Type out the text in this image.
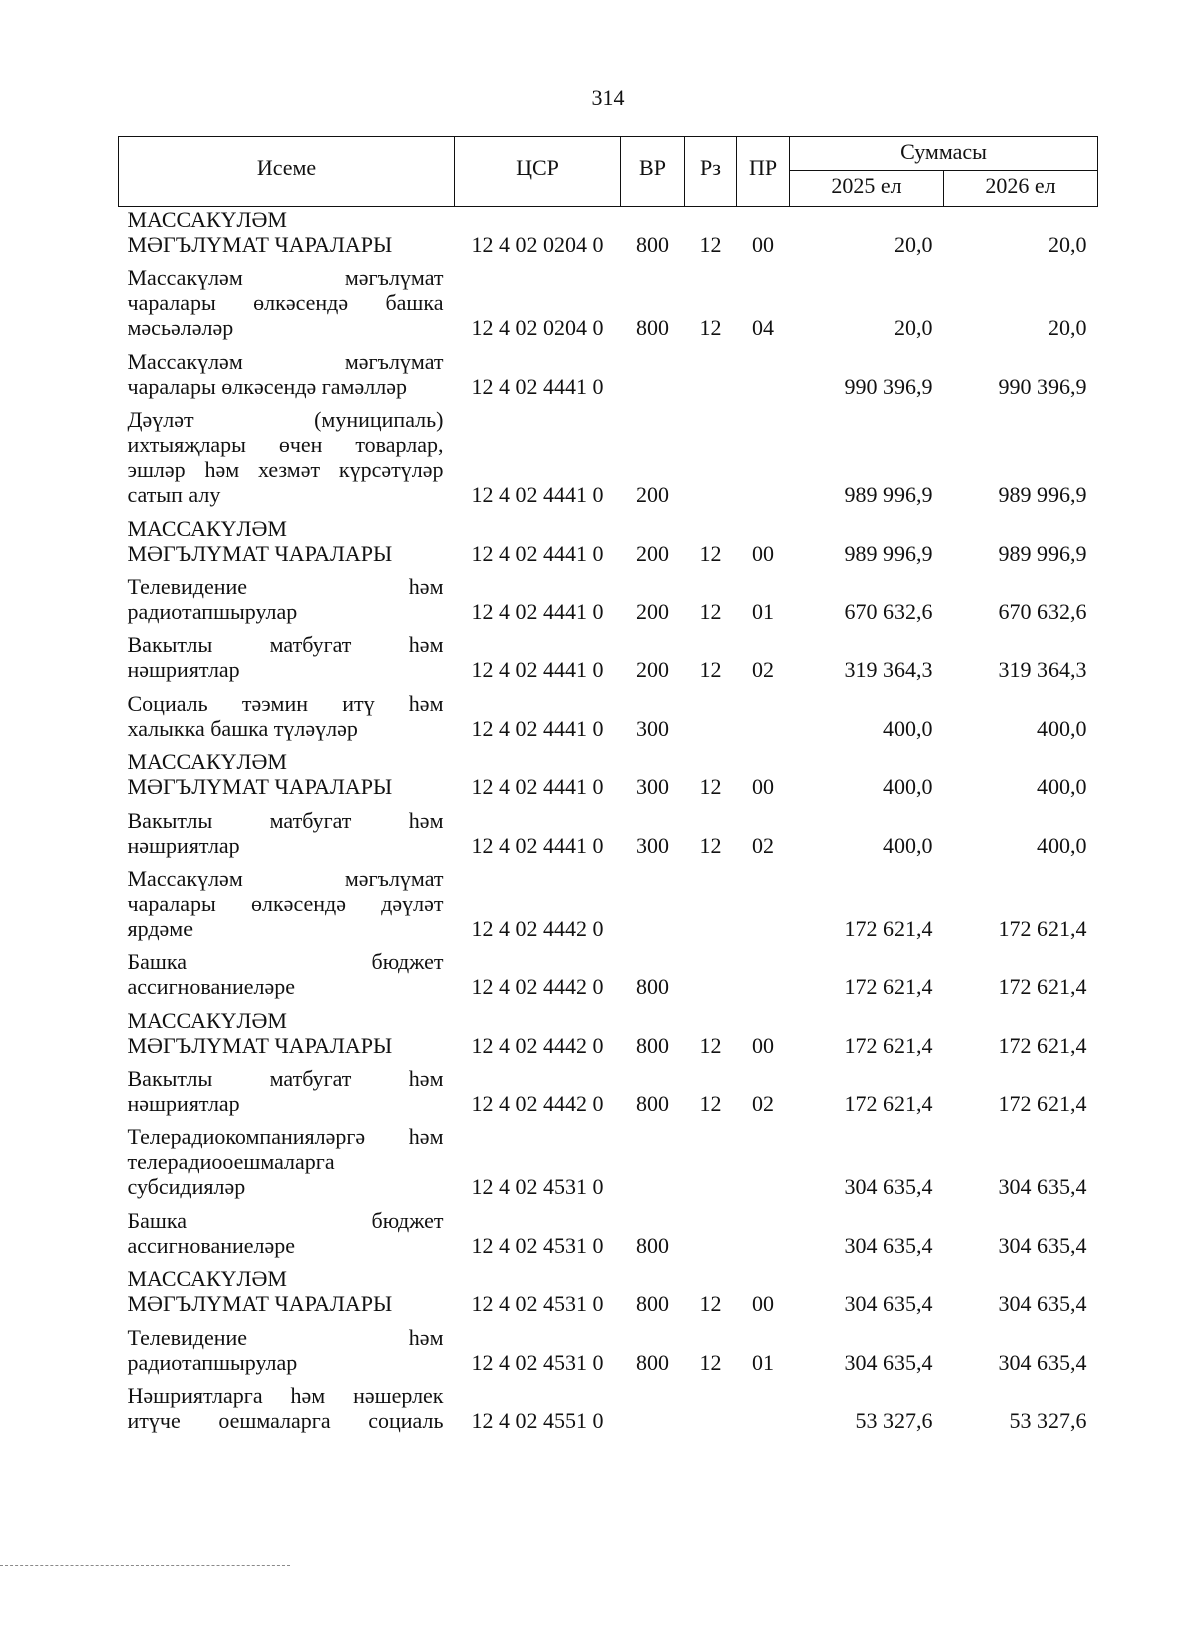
314
Исеме	ЦСР	ВР	Рз	ПР	Суммасы	
					2025 ел	2026 ел

МАССАКҮЛӘМ
МӘГЪЛҮМАТ ЧАРАЛАРЫ	12 4 02 0204 0	800	12	00	20,0	20,0

Массакүләм мәгълүмат
чаралары өлкәсендә башка
мәсьәләләр	12 4 02 0204 0	800	12	04	20,0	20,0

Массакүләм мәгълүмат
чаралары өлкәсендә гамәлләр	12 4 02 4441 0				990 396,9	990 396,9

Дәүләт (муниципаль)
ихтыяҗлары өчен товарлар,
эшләр һәм хезмәт күрсәтүләр
сатып алу	12 4 02 4441 0	200			989 996,9	989 996,9

МАССАКҮЛӘМ
МӘГЪЛҮМАТ ЧАРАЛАРЫ	12 4 02 4441 0	200	12	00	989 996,9	989 996,9

Телевидение һәм
радиотапшырулар	12 4 02 4441 0	200	12	01	670 632,6	670 632,6

Вакытлы матбугат һәм
нәшриятлар	12 4 02 4441 0	200	12	02	319 364,3	319 364,3

Социаль тәэмин итү һәм
халыкка башка түләүләр	12 4 02 4441 0	300			400,0	400,0

МАССАКҮЛӘМ
МӘГЪЛҮМАТ ЧАРАЛАРЫ	12 4 02 4441 0	300	12	00	400,0	400,0

Вакытлы матбугат һәм
нәшриятлар	12 4 02 4441 0	300	12	02	400,0	400,0

Массакүләм мәгълүмат
чаралары өлкәсендә дәүләт
ярдәме	12 4 02 4442 0				172 621,4	172 621,4

Башка бюджет
ассигнованиеләре	12 4 02 4442 0	800			172 621,4	172 621,4

МАССАКҮЛӘМ
МӘГЪЛҮМАТ ЧАРАЛАРЫ	12 4 02 4442 0	800	12	00	172 621,4	172 621,4

Вакытлы матбугат һәм
нәшриятлар	12 4 02 4442 0	800	12	02	172 621,4	172 621,4

Телерадиокомпанияләргә һәм
телерадиооешмаларга
субсидияләр	12 4 02 4531 0				304 635,4	304 635,4

Башка бюджет
ассигнованиеләре	12 4 02 4531 0	800			304 635,4	304 635,4

МАССАКҮЛӘМ
МӘГЪЛҮМАТ ЧАРАЛАРЫ	12 4 02 4531 0	800	12	00	304 635,4	304 635,4

Телевидение һәм
радиотапшырулар	12 4 02 4531 0	800	12	01	304 635,4	304 635,4

Нәшриятларга һәм нәшерлек
итүче оешмаларга социаль	12 4 02 4551 0				53 327,6	53 327,6
